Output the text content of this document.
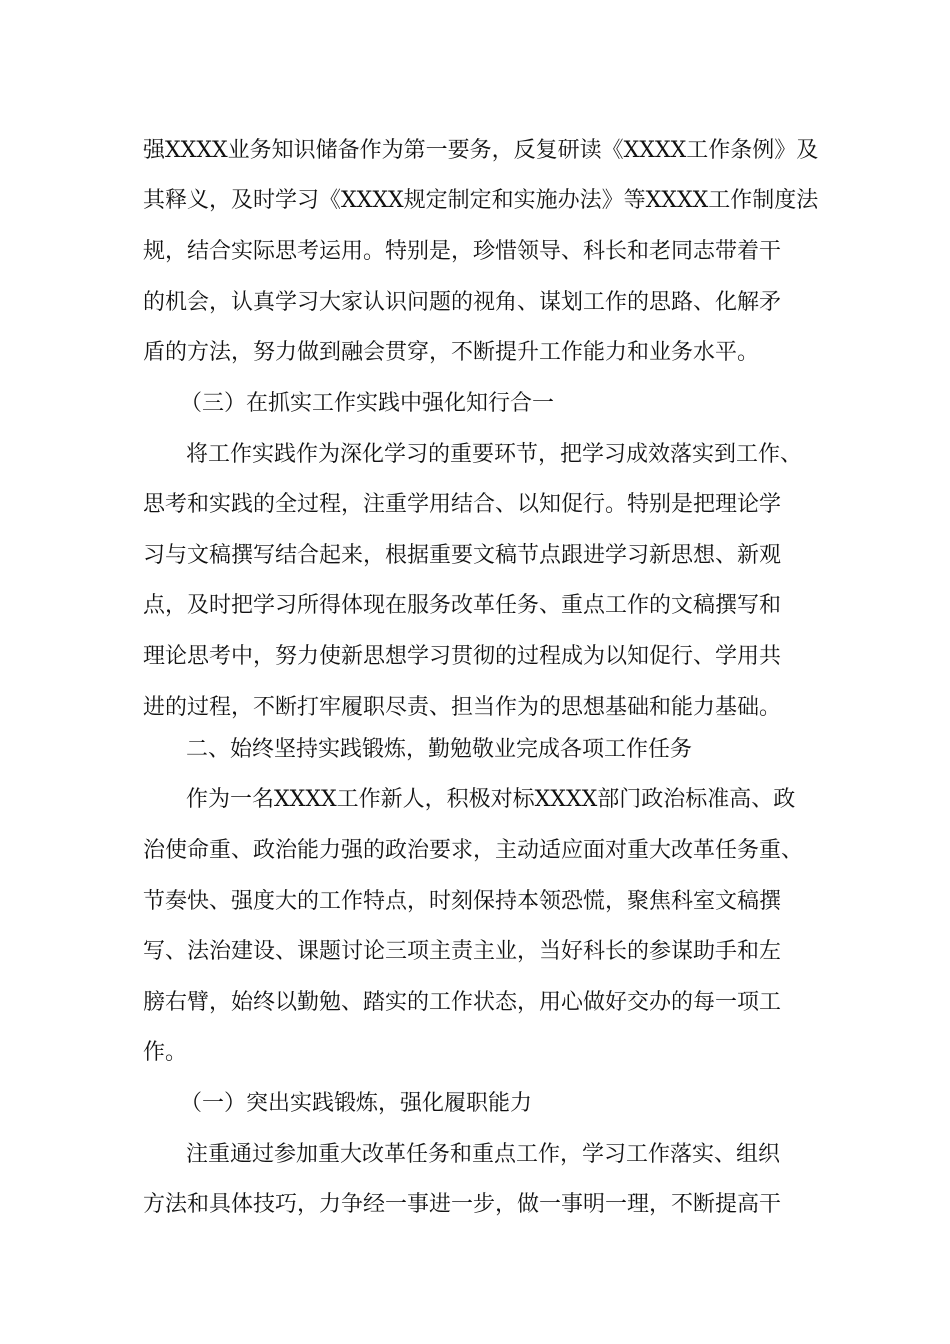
强XXXX业务知识储备作为第一要务，反复研读《XXXX工作条例》及
其释义，及时学习《XXXX规定制定和实施办法》等XXXX工作制度法
规，结合实际思考运用。特别是，珍惜领导、科长和老同志带着干
的机会，认真学习大家认识问题的视角、谋划工作的思路、化解矛
盾的方法，努力做到融会贯穿，不断提升工作能力和业务水平。
（三）在抓实工作实践中强化知行合一
将工作实践作为深化学习的重要环节，把学习成效落实到工作、
思考和实践的全过程，注重学用结合、以知促行。特别是把理论学
习与文稿撰写结合起来，根据重要文稿节点跟进学习新思想、新观
点，及时把学习所得体现在服务改革任务、重点工作的文稿撰写和
理论思考中，努力使新思想学习贯彻的过程成为以知促行、学用共
进的过程，不断打牢履职尽责、担当作为的思想基础和能力基础。
二、始终坚持实践锻炼，勤勉敬业完成各项工作任务
作为一名XXXX工作新人，积极对标XXXX部门政治标准高、政
治使命重、政治能力强的政治要求，主动适应面对重大改革任务重、
节奏快、强度大的工作特点，时刻保持本领恐慌，聚焦科室文稿撰
写、法治建设、课题讨论三项主责主业，当好科长的参谋助手和左
膀右臂，始终以勤勉、踏实的工作状态，用心做好交办的每一项工
作。
（一）突出实践锻炼，强化履职能力
注重通过参加重大改革任务和重点工作，学习工作落实、组织
方法和具体技巧，力争经一事进一步，做一事明一理，不断提高干
